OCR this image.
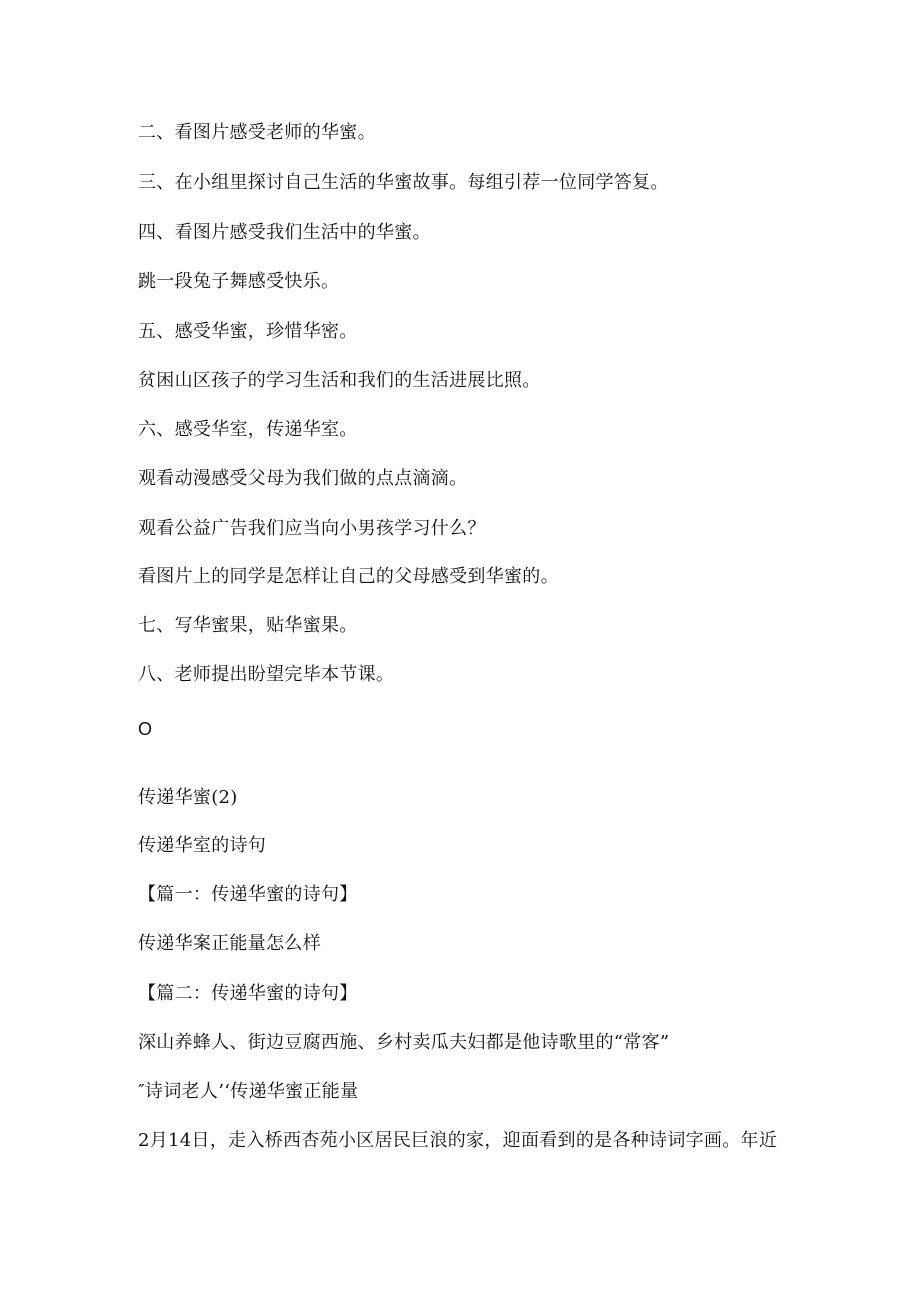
二、看图片感受老师的华蜜。
三、在小组里探讨自己生活的华蜜故事。每组引荐一位同学答复。
四、看图片感受我们生活中的华蜜。
跳一段兔子舞感受快乐。
五、感受华蜜，珍惜华密。
贫困山区孩子的学习生活和我们的生活进展比照。
六、感受华室，传递华室。
观看动漫感受父母为我们做的点点滴滴。
观看公益广告我们应当向小男孩学习什么？
看图片上的同学是怎样让自己的父母感受到华蜜的。
七、写华蜜果，贴华蜜果。
八、老师提出盼望完毕本节课。
O
传递华蜜(2)
传递华室的诗句
【篇一：传递华蜜的诗句】
传递华案正能量怎么样
【篇二：传递华蜜的诗句】
深山养蜂人、街边豆腐西施、乡村卖瓜夫妇都是他诗歌里的“常客”
″诗词老人’‘传递华蜜正能量
2月14日，走入桥西杏苑小区居民巨浪的家，迎面看到的是各种诗词字画。年近
